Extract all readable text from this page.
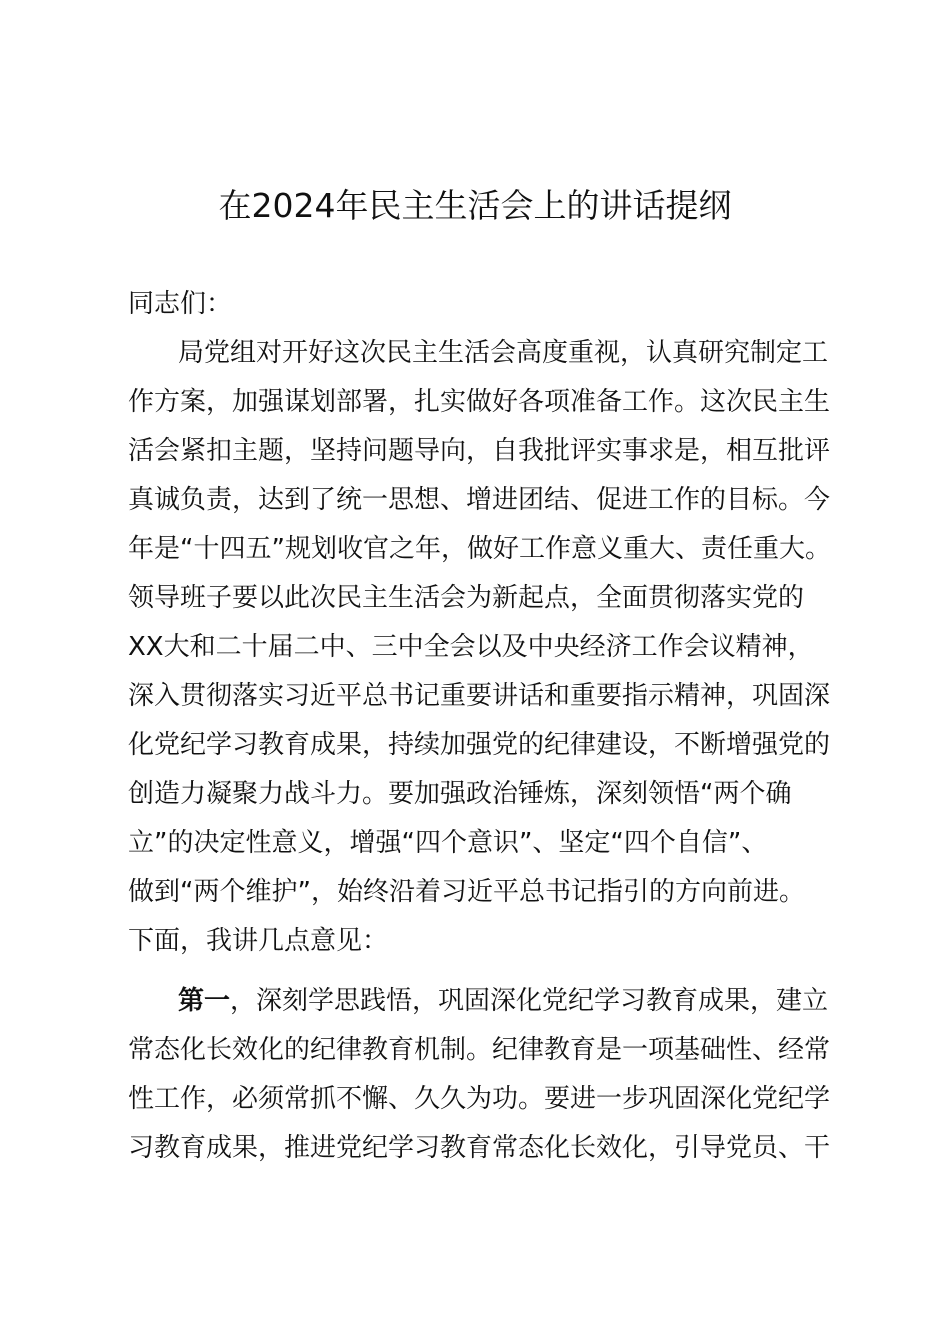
在2024年民主生活会上的讲话提纲
同志们：
局党组对开好这次民主生活会高度重视，认真研究制定工
作方案，加强谋划部署，扎实做好各项准备工作。这次民主生
活会紧扣主题，坚持问题导向，自我批评实事求是，相互批评
真诚负责，达到了统一思想、增进团结、促进工作的目标。今
年是“十四五”规划收官之年，做好工作意义重大、责任重大。
领导班子要以此次民主生活会为新起点，全面贯彻落实党的
XX大和二十届二中、三中全会以及中央经济工作会议精神，
深入贯彻落实习近平总书记重要讲话和重要指示精神，巩固深
化党纪学习教育成果，持续加强党的纪律建设，不断增强党的
创造力凝聚力战斗力。要加强政治锤炼，深刻领悟“两个确
立”的决定性意义，增强“四个意识”、坚定“四个自信”、
做到“两个维护”，始终沿着习近平总书记指引的方向前进。
下面，我讲几点意见：
第一，深刻学思践悟，巩固深化党纪学习教育成果，建立
常态化长效化的纪律教育机制。纪律教育是一项基础性、经常
性工作，必须常抓不懈、久久为功。要进一步巩固深化党纪学
习教育成果，推进党纪学习教育常态化长效化，引导党员、干
